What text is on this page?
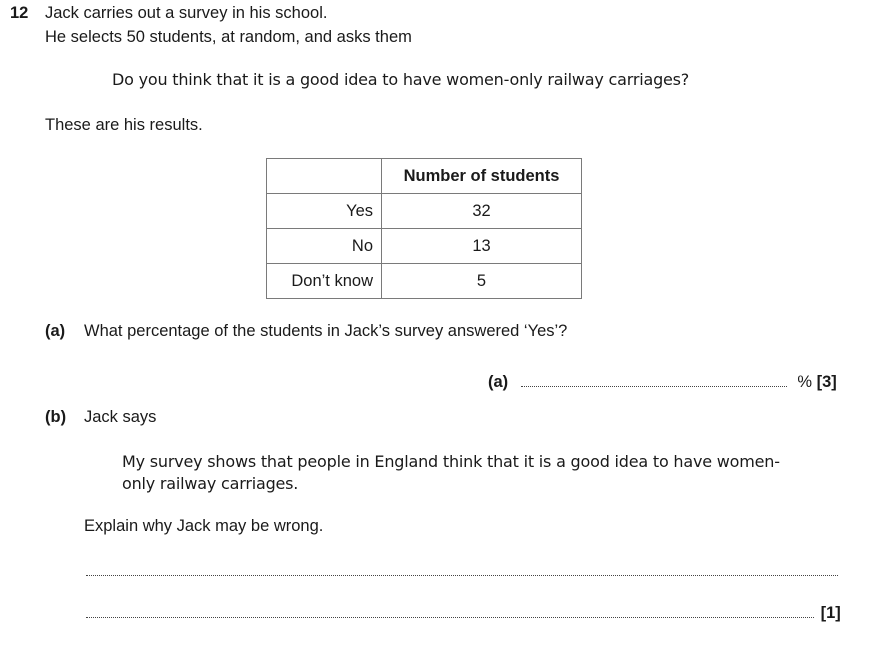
12 Jack carries out a survey in his school.
He selects 50 students, at random, and asks them
Do you think that it is a good idea to have women-only railway carriages?
These are his results.
	Number of students
Yes	32
No	13
Don’t know	5
(a) What percentage of the students in Jack’s survey answered ‘Yes’?
(a)	% [3]
(b) Jack says
My survey shows that people in England think that it is a good idea to have women-
only railway carriages.
Explain why Jack may be wrong.
[1]
